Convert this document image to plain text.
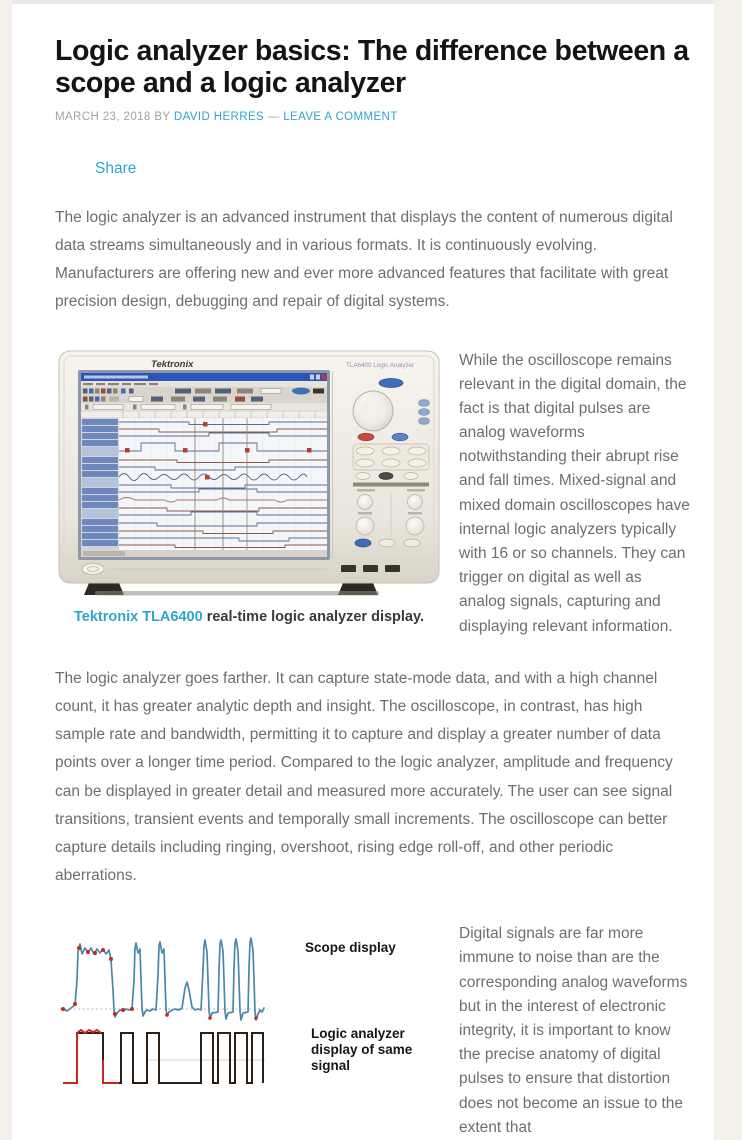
Logic analyzer basics: The difference between a scope and a logic analyzer

MARCH 23, 2018 BY DAVID HERRES — LEAVE A COMMENT

Share

The logic analyzer is an advanced instrument that displays the content of numerous digital data streams simultaneously and in various formats. It is continuously evolving. Manufacturers are offering new and ever more advanced features that facilitate with great precision design, debugging and repair of digital systems.

Tektronix	TLA6400 Logic Analyzer
Tektronix TLA6400 real-time logic analyzer display.
While the oscilloscope remains relevant in the digital domain, the fact is that digital pulses are analog waveforms notwithstanding their abrupt rise and fall times. Mixed-signal and mixed domain oscilloscopes have internal logic analyzers typically with 16 or so channels. They can trigger on digital as well as analog signals, capturing and displaying relevant information.

The logic analyzer goes farther. It can capture state-mode data, and with a high channel count, it has greater analytic depth and insight. The oscilloscope, in contrast, has high sample rate and bandwidth, permitting it to capture and display a greater number of data points over a longer time period. Compared to the logic analyzer, amplitude and frequency can be displayed in greater detail and measured more accurately. The user can see signal transitions, transient events and temporally small increments. The oscilloscope can better capture details including ringing, overshoot, rising edge roll-off, and other periodic aberrations.

Scope display
Logic analyzer
display of same
signal
Digital signals are far more immune to noise than are the corresponding analog waveforms but in the interest of electronic integrity, it is important to know the precise anatomy of digital pulses to ensure that distortion does not become an issue to the extent that
